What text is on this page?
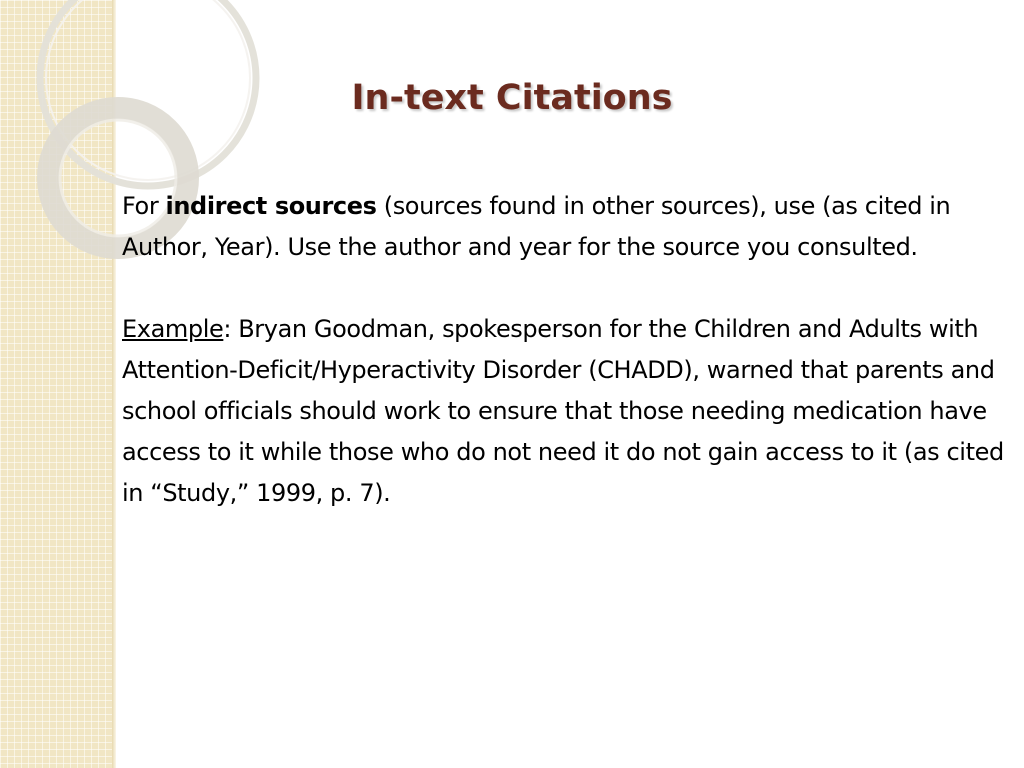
In-text Citations

For indirect sources (sources found in other sources), use (as cited in Author, Year). Use the author and year for the source you consulted.

Example: Bryan Goodman, spokesperson for the Children and Adults with Attention-Deficit/Hyperactivity Disorder (CHADD), warned that parents and school officials should work to ensure that those needing medication have access to it while those who do not need it do not gain access to it (as cited in “Study,” 1999, p. 7).
